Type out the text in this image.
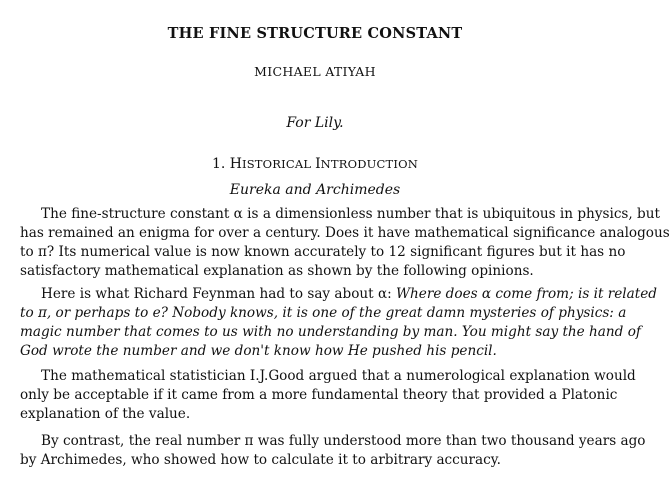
THE FINE STRUCTURE CONSTANT
MICHAEL ATIYAH
For Lily.
1. HISTORICAL INTRODUCTION
Eureka and Archimedes
The fine-structure constant α is a dimensionless number that is ubiquitous in physics, but
has remained an enigma for over a century. Does it have mathematical significance analogous
to π? Its numerical value is now known accurately to 12 significant figures but it has no
satisfactory mathematical explanation as shown by the following opinions.
Here is what Richard Feynman had to say about α: Where does α come from; is it related
to π, or perhaps to e? Nobody knows, it is one of the great damn mysteries of physics: a
magic number that comes to us with no understanding by man. You might say the hand of
God wrote the number and we don't know how He pushed his pencil.
The mathematical statistician I.J.Good argued that a numerological explanation would
only be acceptable if it came from a more fundamental theory that provided a Platonic
explanation of the value.
By contrast, the real number π was fully understood more than two thousand years ago
by Archimedes, who showed how to calculate it to arbitrary accuracy.
